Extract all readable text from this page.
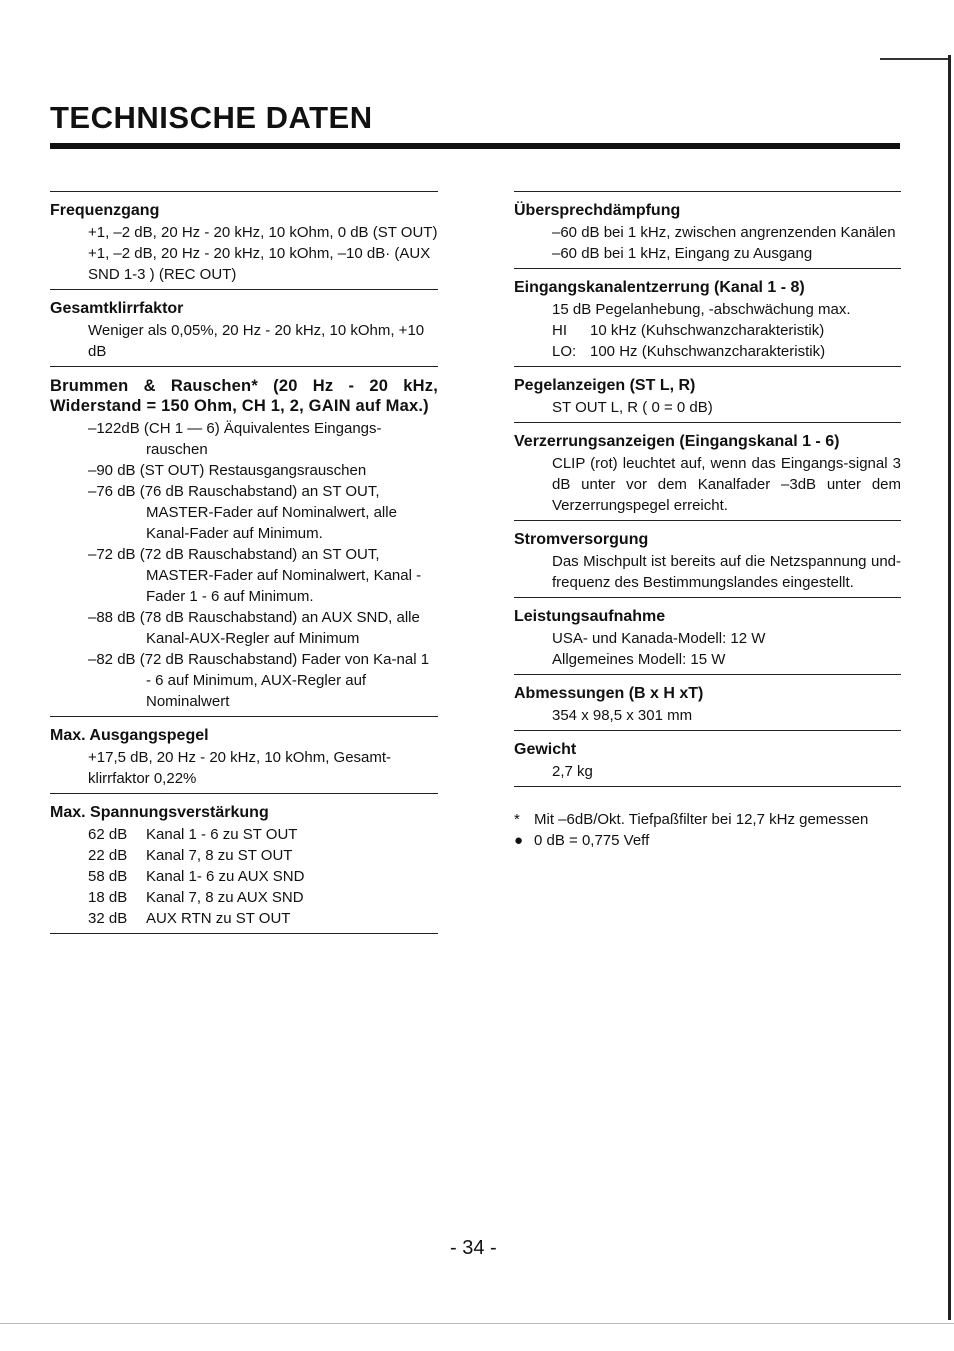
TECHNISCHE DATEN
Frequenzgang

+1, –2 dB, 20 Hz - 20 kHz, 10 kOhm, 0 dB (ST OUT)

+1, –2 dB, 20 Hz - 20 kHz, 10 kOhm, –10 dB· (AUX SND 1-3 ) (REC OUT)

Gesamtklirrfaktor

Weniger als 0,05%, 20 Hz - 20 kHz, 10 kOhm, +10 dB

Brummen & Rauschen* (20 Hz - 20 kHz, Widerstand = 150 Ohm, CH 1, 2, GAIN auf Max.)

–122dB (CH 1 — 6) Äquivalentes Eingangs-rauschen

–90 dB (ST OUT) Restausgangsrauschen

–76 dB (76 dB Rauschabstand) an ST OUT, MASTER-Fader auf Nominalwert, alle Kanal-Fader auf Minimum.

–72 dB (72 dB Rauschabstand) an ST OUT, MASTER-Fader auf Nominalwert, Kanal -Fader 1 - 6 auf Minimum.

–88 dB (78 dB Rauschabstand) an AUX SND, alle Kanal-AUX-Regler auf Minimum

–82 dB (72 dB Rauschabstand) Fader von Ka-nal 1 - 6 auf Minimum, AUX-Regler auf Nominalwert

Max. Ausgangspegel

+17,5 dB, 20 Hz - 20 kHz, 10 kOhm, Gesamt-klirrfaktor 0,22%

Max. Spannungsverstärkung
62 dB	Kanal 1 - 6 zu ST OUT
22 dB	Kanal 7, 8 zu ST OUT
58 dB	Kanal 1- 6 zu AUX SND
18 dB	Kanal 7, 8 zu AUX SND
32 dB	AUX RTN zu ST OUT
Übersprechdämpfung

–60 dB bei 1 kHz, zwischen angrenzenden Kanälen

–60 dB bei 1 kHz, Eingang zu Ausgang

Eingangskanalentzerrung (Kanal 1 - 8)

15 dB Pegelanhebung, -abschwächung max.

HI	10 kHz (Kuhschwanzcharakteristik)
LO: 100 Hz (Kuhschwanzcharakteristik)
Pegelanzeigen (ST L, R)

ST OUT L, R ( 0 = 0 dB)

Verzerrungsanzeigen (Eingangskanal 1 - 6)

CLIP (rot) leuchtet auf, wenn das Eingangs-signal 3 dB unter vor dem Kanalfader –3dB unter dem Verzerrungspegel erreicht.

Stromversorgung

Das Mischpult ist bereits auf die Netzspannung und-frequenz des Bestimmungslandes eingestellt.

Leistungsaufnahme

USA- und Kanada-Modell: 12 W

Allgemeines Modell: 15 W

Abmessungen (B x H xT)

354 x 98,5 x 301 mm

Gewicht

2,7 kg

* Mit –6dB/Okt. Tiefpaßfilter bei 12,7 kHz gemessen
● 0 dB = 0,775 Veff
- 34 -
